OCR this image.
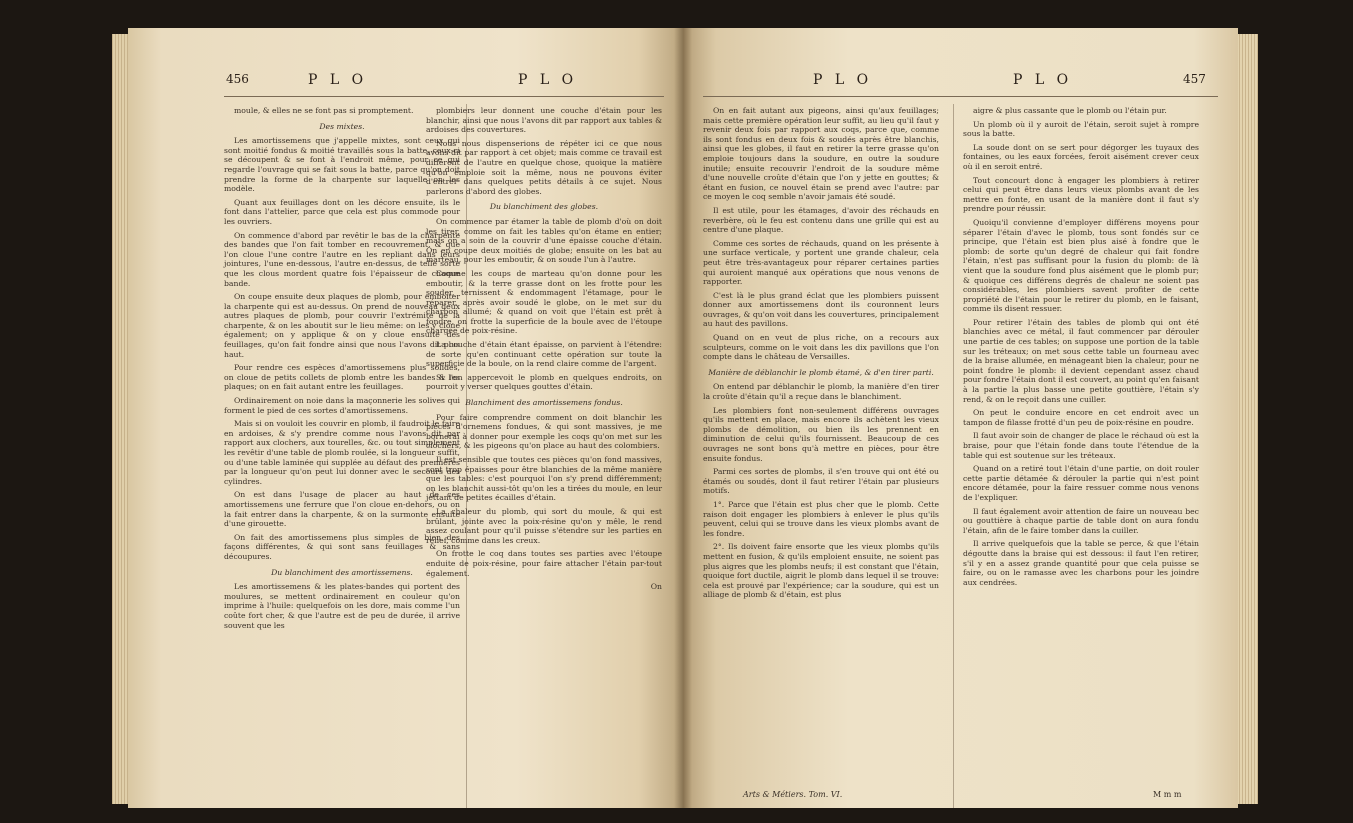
456	P L O	P L O

moule, & elles ne se font pas si promptement.

Des mixtes.

Les amortissemens que j'appelle mixtes, sont ceux qui sont moitié fondus & moitié travaillés sous la batte, ceux-ci se découpent & se font à l'endroit même, pour ce qui regarde l'ouvrage qui se fait sous la batte, parce qu'on doit prendre la forme de la charpente sur laquelle on les modèle.

Quant aux feuillages dont on les décore ensuite, ils le font dans l'attelier, parce que cela est plus commode pour les ouvriers.

On commence d'abord par revêtir le bas de la charpente des bandes que l'on fait tomber en recouvrement, & que l'on cloue l'une contre l'autre en les repliant dans leurs jointures, l'une en-dessous, l'autre en-dessus, de telle sorte que les clous mordent quatre fois l'épaisseur de chaque bande.

On coupe ensuite deux plaques de plomb, pour emboiter la charpente qui est au-dessus. On prend de nouveau deux autres plaques de plomb, pour couvrir l'extrémité de la charpente, & on les aboutit sur le lieu même: on les y cloue également; on y applique & on y cloue ensuite des feuillages, qu'on fait fondre ainsi que nous l'avons dit plus haut.

Pour rendre ces espèces d'amortissemens plus solides, on cloue de petits collets de plomb entre les bandes & les plaques; on en fait autant entre les feuillages.

Ordinairement on noie dans la maçonnerie les solives qui forment le pied de ces sortes d'amortissemens.

Mais si on vouloit les couvrir en plomb, il faudroit le faire en ardoises, & s'y prendre comme nous l'avons dit par rapport aux clochers, aux tourelles, &c. ou tout simplement les revêtir d'une table de plomb roulée, si la longueur suffit, ou d'une table laminée qui supplée au défaut des premières par la longueur qu'on peut lui donner avec le secours des cylindres.

On est dans l'usage de placer au haut de ces amortissemens une ferrure que l'on cloue en-dehors, ou on la fait entrer dans la charpente, & on la surmonte ensuite d'une girouette.

On fait des amortissemens plus simples de bien des façons différentes, & qui sont sans feuillages & sans découpures.

Du blanchiment des amortissemens.

Les amortissemens & les plates-bandes qui portent des moulures, se mettent ordinairement en couleur qu'on imprime à l'huile: quelquefois on les dore, mais comme l'un coûte fort cher, & que l'autre est de peu de durée, il arrive souvent que les

plombiers leur donnent une couche d'étain pour les blanchir, ainsi que nous l'avons dit par rapport aux tables & ardoises des couvertures.

Nous nous dispenserions de répéter ici ce que nous avons dit par rapport à cet objet; mais comme ce travail est différent de l'autre en quelque chose, quoique la matière qu'on emploie soit la même, nous ne pouvons éviter d'entrer dans quelques petits détails à ce sujet. Nous parlerons d'abord des globes.

Du blanchiment des globes.

On commence par étamer la table de plomb d'où on doit les tirer, comme on fait les tables qu'on étame en entier; mais on a soin de la couvrir d'une épaisse couche d'étain. On en coupe deux moitiés de globe; ensuite on les bat au marteau, pour les emboutir, & on soude l'un à l'autre.

Comme les coups de marteau qu'on donne pour les emboutir, & la terre grasse dont on les frotte pour les souder, ternissent & endommagent l'étamage, pour le réparer, après avoir soudé le globe, on le met sur du charbon allumé; & quand on voit que l'étain est prêt à fondre, on frotte la superficie de la boule avec de l'étoupe chargée de poix-résine.

La couche d'étain étant épaisse, on parvient à l'étendre: de sorte qu'en continuant cette opération sur toute la superficie de la boule, on la rend claire comme de l'argent.

Si l'on appercevoit le plomb en quelques endroits, on pourroit y verser quelques gouttes d'étain.

Blanchiment des amortissemens fondus.

Pour faire comprendre comment on doit blanchir les pièces d'ornemens fondues, & qui sont massives, je me bornerai à donner pour exemple les coqs qu'on met sur les clochers, & les pigeons qu'on place au haut des colombiers.

Il est sensible que toutes ces pièces qu'on fond massives, sont trop épaisses pour être blanchies de la même manière que les tables: c'est pourquoi l'on s'y prend différemment; on les blanchit aussi-tôt qu'on les a tirées du moule, en leur jettant de petites écailles d'étain.

La chaleur du plomb, qui sort du moule, & qui est brûlant, jointe avec la poix-résine qu'on y mêle, le rend assez coulant pour qu'il puisse s'étendre sur les parties en relief, comme dans les creux.

On frotte le coq dans toutes ses parties avec l'étoupe enduite de poix-résine, pour faire attacher l'étain par-tout également.

On

P L O	P L O	457

On en fait autant aux pigeons, ainsi qu'aux feuillages; mais cette première opération leur suffit, au lieu qu'il faut y revenir deux fois par rapport aux coqs, parce que, comme ils sont fondus en deux fois & soudés après être blanchis, ainsi que les globes, il faut en retirer la terre grasse qu'on emploie toujours dans la soudure, en outre la soudure inutile; ensuite recouvrir l'endroit de la soudure même d'une nouvelle croûte d'étain que l'on y jette en gouttes; & étant en fusion, ce nouvel étain se prend avec l'autre: par ce moyen le coq semble n'avoir jamais été soudé.

Il est utile, pour les étamages, d'avoir des réchauds en reverbère, où le feu est contenu dans une grille qui est au centre d'une plaque.

Comme ces sortes de réchauds, quand on les présente à une surface verticale, y portent une grande chaleur, cela peut être très-avantageux pour réparer certaines parties qui auroient manqué aux opérations que nous venons de rapporter.

C'est là le plus grand éclat que les plombiers puissent donner aux amortissemens dont ils couronnent leurs ouvrages, & qu'on voit dans les couvertures, principalement au haut des pavillons.

Quand on en veut de plus riche, on a recours aux sculpteurs, comme on le voit dans les dix pavillons que l'on compte dans le château de Versailles.

Manière de déblanchir le plomb étamé, & d'en tirer parti.

On entend par déblanchir le plomb, la manière d'en tirer la croûte d'étain qu'il a reçue dans le blanchiment.

Les plombiers font non-seulement différens ouvrages qu'ils mettent en place, mais encore ils achètent les vieux plombs de démolition, ou bien ils les prennent en diminution de celui qu'ils fournissent. Beaucoup de ces ouvrages ne sont bons qu'à mettre en pièces, pour être ensuite fondus.

Parmi ces sortes de plombs, il s'en trouve qui ont été ou étamés ou soudés, dont il faut retirer l'étain par plusieurs motifs.

1°. Parce que l'étain est plus cher que le plomb. Cette raison doit engager les plombiers à enlever le plus qu'ils peuvent, celui qui se trouve dans les vieux plombs avant de les fondre.

2°. Ils doivent faire ensorte que les vieux plombs qu'ils mettent en fusion, & qu'ils emploient ensuite, ne soient pas plus aigres que les plombs neufs; il est constant que l'étain, quoique fort ductile, aigrit le plomb dans lequel il se trouve: cela est prouvé par l'expérience; car la soudure, qui est un alliage de plomb & d'étain, est plus

aigre & plus cassante que le plomb ou l'étain pur.

Un plomb où il y auroit de l'étain, seroit sujet à rompre sous la batte.

La soude dont on se sert pour dégorger les tuyaux des fontaines, ou les eaux forcées, feroit aisément crever ceux où il en seroit entré.

Tout concourt donc à engager les plombiers à retirer celui qui peut être dans leurs vieux plombs avant de les mettre en fonte, en usant de la manière dont il faut s'y prendre pour réussir.

Quoiqu'il convienne d'employer différens moyens pour séparer l'étain d'avec le plomb, tous sont fondés sur ce principe, que l'étain est bien plus aisé à fondre que le plomb: de sorte qu'un degré de chaleur qui fait fondre l'étain, n'est pas suffisant pour la fusion du plomb: de là vient que la soudure fond plus aisément que le plomb pur; & quoique ces différens degrés de chaleur ne soient pas considérables, les plombiers savent profiter de cette propriété de l'étain pour le retirer du plomb, en le faisant, comme ils disent ressuer.

Pour retirer l'étain des tables de plomb qui ont été blanchies avec ce métal, il faut commencer par dérouler une partie de ces tables; on suppose une portion de la table sur les tréteaux; on met sous cette table un fourneau avec de la braise allumée, en ménageant bien la chaleur, pour ne point fondre le plomb: il devient cependant assez chaud pour fondre l'étain dont il est couvert, au point qu'en faisant à la partie la plus basse une petite gouttière, l'étain s'y rend, & on le reçoit dans une cuiller.

On peut le conduire encore en cet endroit avec un tampon de filasse frotté d'un peu de poix-résine en poudre.

Il faut avoir soin de changer de place le réchaud où est la braise, pour que l'étain fonde dans toute l'étendue de la table qui est soutenue sur les tréteaux.

Quand on a retiré tout l'étain d'une partie, on doit rouler cette partie détamée & dérouler la partie qui n'est point encore détamée, pour la faire ressuer comme nous venons de l'expliquer.

Il faut également avoir attention de faire un nouveau bec ou gouttière à chaque partie de table dont on aura fondu l'étain, afin de le faire tomber dans la cuiller.

Il arrive quelquefois que la table se perce, & que l'étain dégoutte dans la braise qui est dessous: il faut l'en retirer, s'il y en a assez grande quantité pour que cela puisse se faire, ou on le ramasse avec les charbons pour les joindre aux cendrées.

Arts & Métiers. Tom. VI.	M m m
